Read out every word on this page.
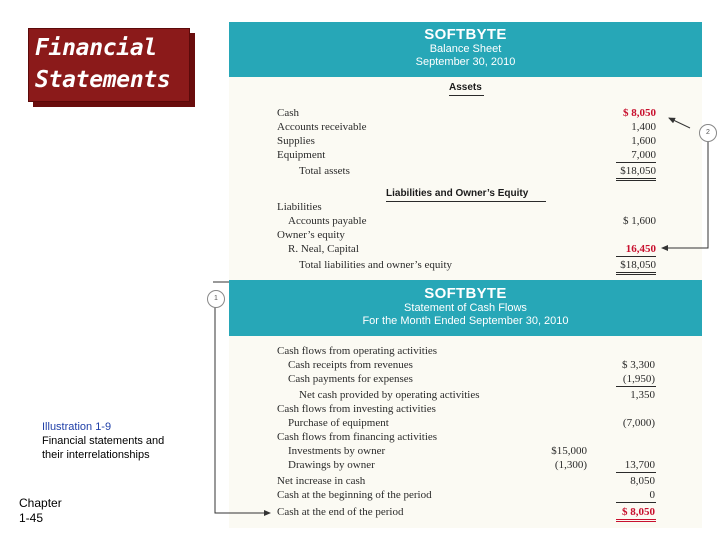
Financial
Statements
Illustration 1-9
Financial statements and
their interrelationships
Chapter
1-45
SOFTBYTE
Balance Sheet
September 30, 2010
Assets
Cash	$ 8,050
Accounts receivable	1,400
Supplies	1,600
Equipment	7,000
Total assets	$18,050
Liabilities and Owner’s Equity
Liabilities
Accounts payable	$ 1,600
Owner’s equity
R. Neal, Capital	16,450
Total liabilities and owner’s equity	$18,050
SOFTBYTE
Statement of Cash Flows
For the Month Ended September 30, 2010
Cash flows from operating activities
Cash receipts from revenues	$ 3,300
Cash payments for expenses	(1,950)
Net cash provided by operating activities	1,350
Cash flows from investing activities
Purchase of equipment	(7,000)
Cash flows from financing activities
Investments by owner	$15,000
Drawings by owner	(1,300)	13,700
Net increase in cash	8,050
Cash at the beginning of the period	0
Cash at the end of the period	$ 8,050
1
2
